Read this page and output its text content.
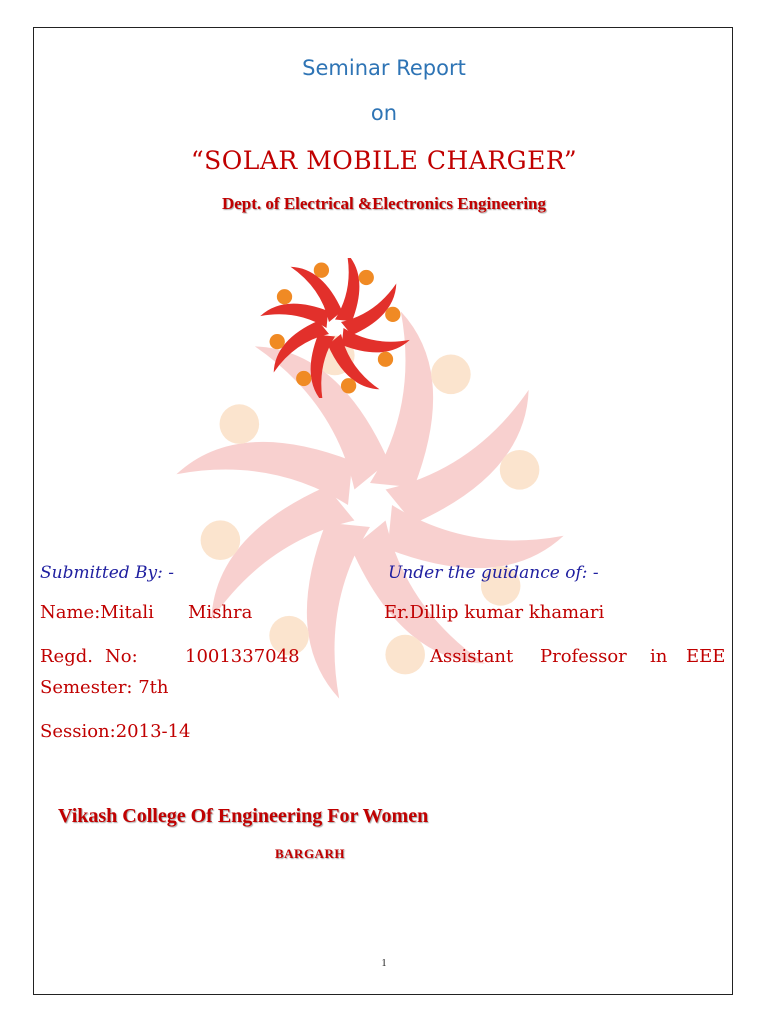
Seminar Report
on
“SOLAR MOBILE CHARGER”
Dept. of Electrical &Electronics Engineering
Submitted By: -	Under the guidance of: -
Name:Mitali Mishra	Er.Dillip kumar khamari
Regd. No:	1001337048	Assistant Professor in EEE
Semester: 7th
Session:2013-14
Vikash College Of Engineering For Women
BARGARH
1
